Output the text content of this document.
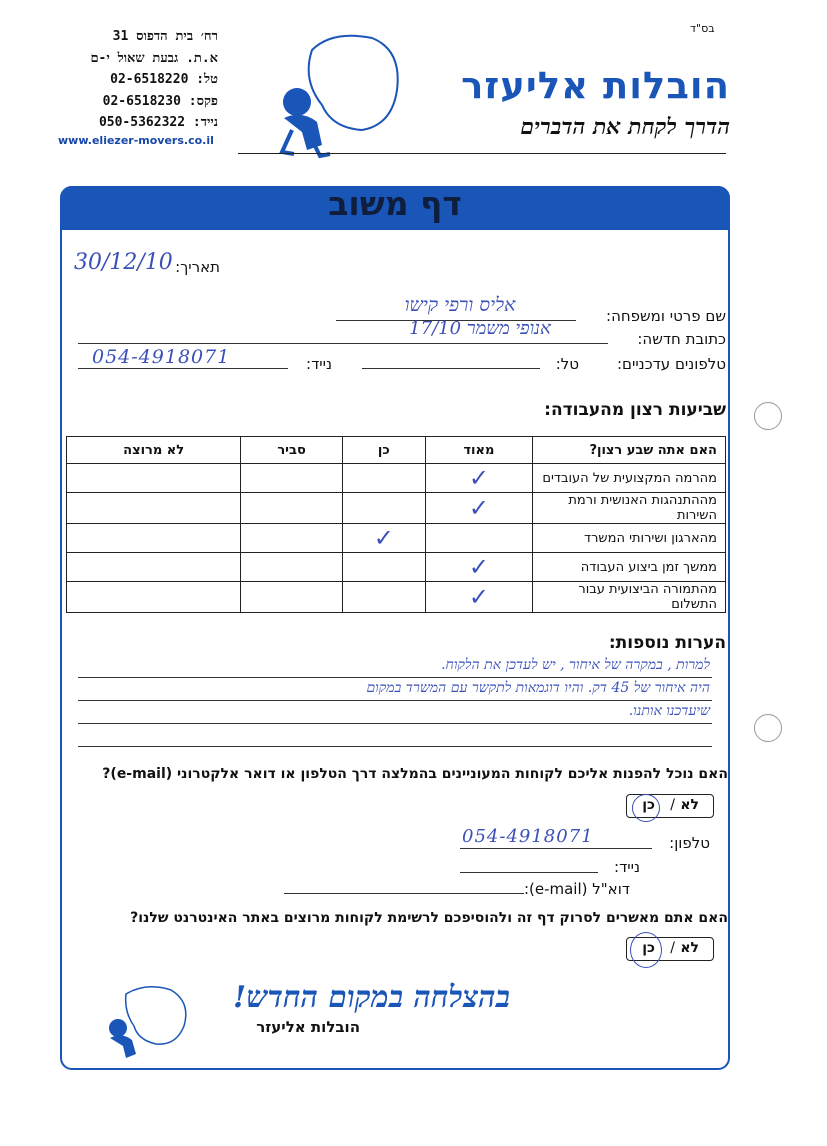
בס"ד
רח׳ בית הדפוס 31
א.ת. גבעת שאול י-ם
טל: 02-6518220
פקס: 02-6518230
נייד: 050-5362322
www.eliezer-movers.co.il
הובלות אליעזר
הדרך לקחת את הדברים
דף משוב
תאריך:
30/12/10
שם פרטי ומשפחה:
אליס ורפי קישו
כתובת חדשה:
אנופי משמר 17/10
טלפונים עדכניים:
טל:
נייד:
054-4918071
שביעות רצון מהעבודה:
האם אתה שבע רצון?	מאוד	כן	סביר	לא מרוצה
מהרמה המקצועית של העובדים	✓			
מההתנהגות האנושית ורמת השירות	✓			
מהארגון ושירותי המשרד		✓		
ממשך זמן ביצוע העבודה	✓			
מהתמורה הביצועית עבור התשלום	✓			
הערות נוספות:
למרות , במקרה של איחור , יש לעדכן את הלקוח.
היה איחור של 45 דק. והיו דוגמאות לתקשר עם המשרד במקום
שיעדכנו אותנו.
האם נוכל להפנות אליכם לקוחות המעוניינים בהמלצה דרך הטלפון או דואר אלקטרוני (e-mail)?
לא
/
כן
טלפון:
054-4918071
נייד:
דוא"ל (e-mail):
האם אתם מאשרים לסרוק דף זה ולהוסיפכם לרשימת לקוחות מרוצים באתר האינטרנט שלנו?
לא
/
כן
בהצלחה במקום החדש!
הובלות אליעזר
